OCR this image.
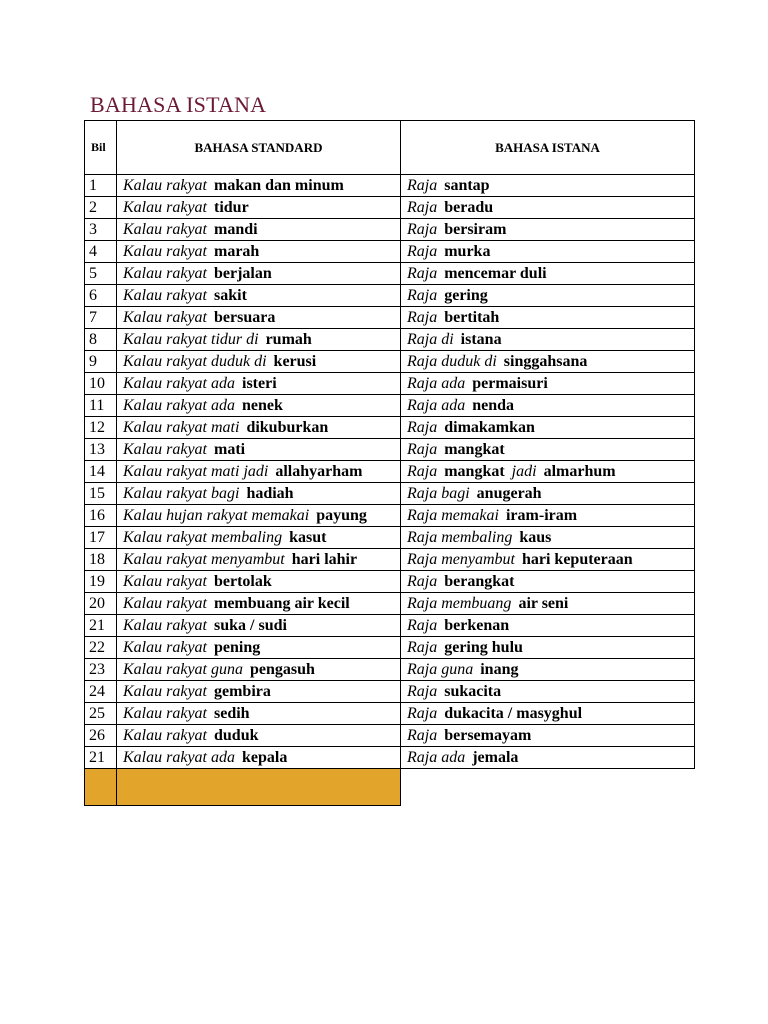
BAHASA ISTANA
Bil	BAHASA STANDARD	BAHASA ISTANA
1	Kalau rakyat makan dan minum	Raja santap
2	Kalau rakyat tidur	Raja beradu
3	Kalau rakyat mandi	Raja bersiram
4	Kalau rakyat marah	Raja murka
5	Kalau rakyat berjalan	Raja mencemar duli
6	Kalau rakyat sakit	Raja gering
7	Kalau rakyat bersuara	Raja bertitah
8	Kalau rakyat tidur di rumah	Raja di istana
9	Kalau rakyat duduk di kerusi	Raja duduk di singgahsana
10	Kalau rakyat ada isteri	Raja ada permaisuri
11	Kalau rakyat ada nenek	Raja ada nenda
12	Kalau rakyat mati dikuburkan	Raja dimakamkan
13	Kalau rakyat mati	Raja mangkat
14	Kalau rakyat mati jadi allahyarham	Raja mangkat jadi almarhum
15	Kalau rakyat bagi hadiah	Raja bagi anugerah
16	Kalau hujan rakyat memakai payung	Raja memakai iram-iram
17	Kalau rakyat membaling kasut	Raja membaling kaus
18	Kalau rakyat menyambut hari lahir	Raja menyambut hari keputeraan
19	Kalau rakyat bertolak	Raja berangkat
20	Kalau rakyat membuang air kecil	Raja membuang air seni
21	Kalau rakyat suka / sudi	Raja berkenan
22	Kalau rakyat pening	Raja gering hulu
23	Kalau rakyat guna pengasuh	Raja guna inang
24	Kalau rakyat gembira	Raja sukacita
25	Kalau rakyat sedih	Raja dukacita / masyghul
26	Kalau rakyat duduk	Raja bersemayam
21	Kalau rakyat ada kepala	Raja ada jemala
